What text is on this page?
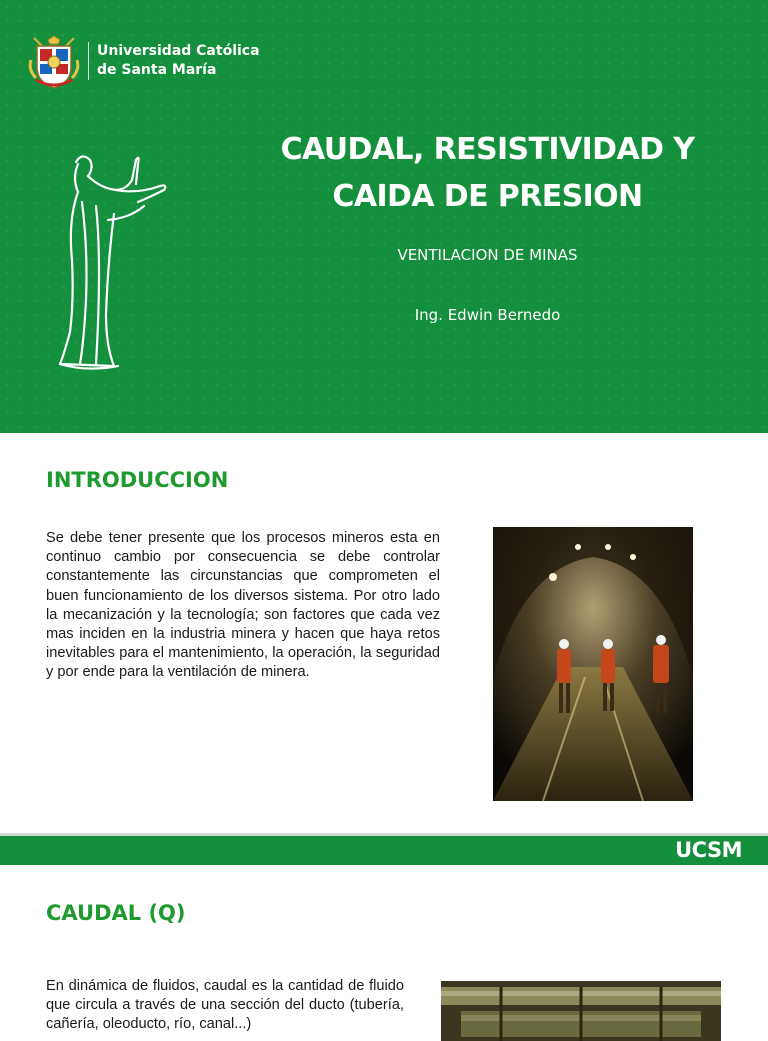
Universidad Católica
de Santa María
CAUDAL, RESISTIVIDAD Y CAIDA DE PRESION
VENTILACION DE MINAS
Ing. Edwin Bernedo
INTRODUCCION

Se debe tener presente que los procesos mineros esta en continuo cambio por consecuencia se debe controlar constantemente las circunstancias que comprometen el buen funcionamiento de los diversos sistema. Por otro lado la mecanización y la tecnología; son factores que cada vez mas inciden en la industria minera y hacen que haya retos inevitables para el mantenimiento, la operación, la seguridad y por ende para la ventilación de minera.

UCSM
CAUDAL (Q)

En dinámica de fluidos, caudal es la cantidad de fluido que circula a través de una sección del ducto (tubería, cañería, oleoducto, río, canal...)
